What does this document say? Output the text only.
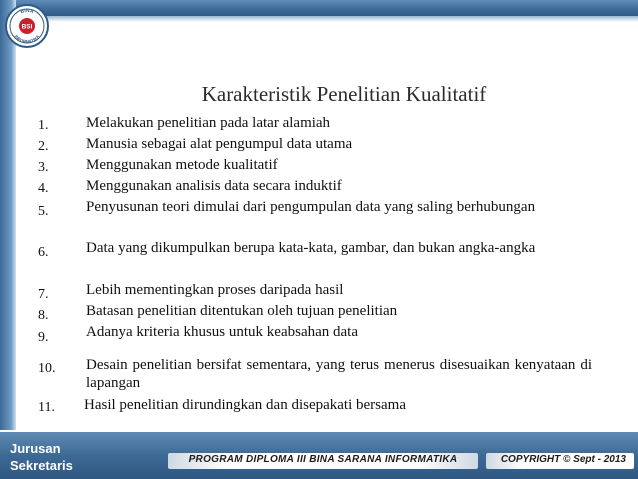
BINA
INFORMATIKA
BSI
Karakteristik Penelitian Kualitatif
1.	Melakukan penelitian pada latar alamiah
2.	Manusia sebagai alat pengumpul data utama
3.	Menggunakan metode kualitatif
4.	Menggunakan analisis data secara induktif
5.	Penyusunan teori dimulai dari pengumpulan data yang saling berhubungan
6.	Data yang dikumpulkan berupa kata-kata, gambar, dan bukan angka-angka
7.	Lebih mementingkan proses daripada hasil
8.	Batasan penelitian ditentukan oleh tujuan penelitian
9.	Adanya kriteria khusus untuk keabsahan data
10. Desain penelitian bersifat sementara, yang terus menerus disesuaikan kenyataan di lapangan
11. Hasil penelitian dirundingkan dan disepakati bersama
Jurusan
Sekretaris	PROGRAM DIPLOMA III BINA SARANA INFORMATIKA	COPYRIGHT © Sept - 2013
